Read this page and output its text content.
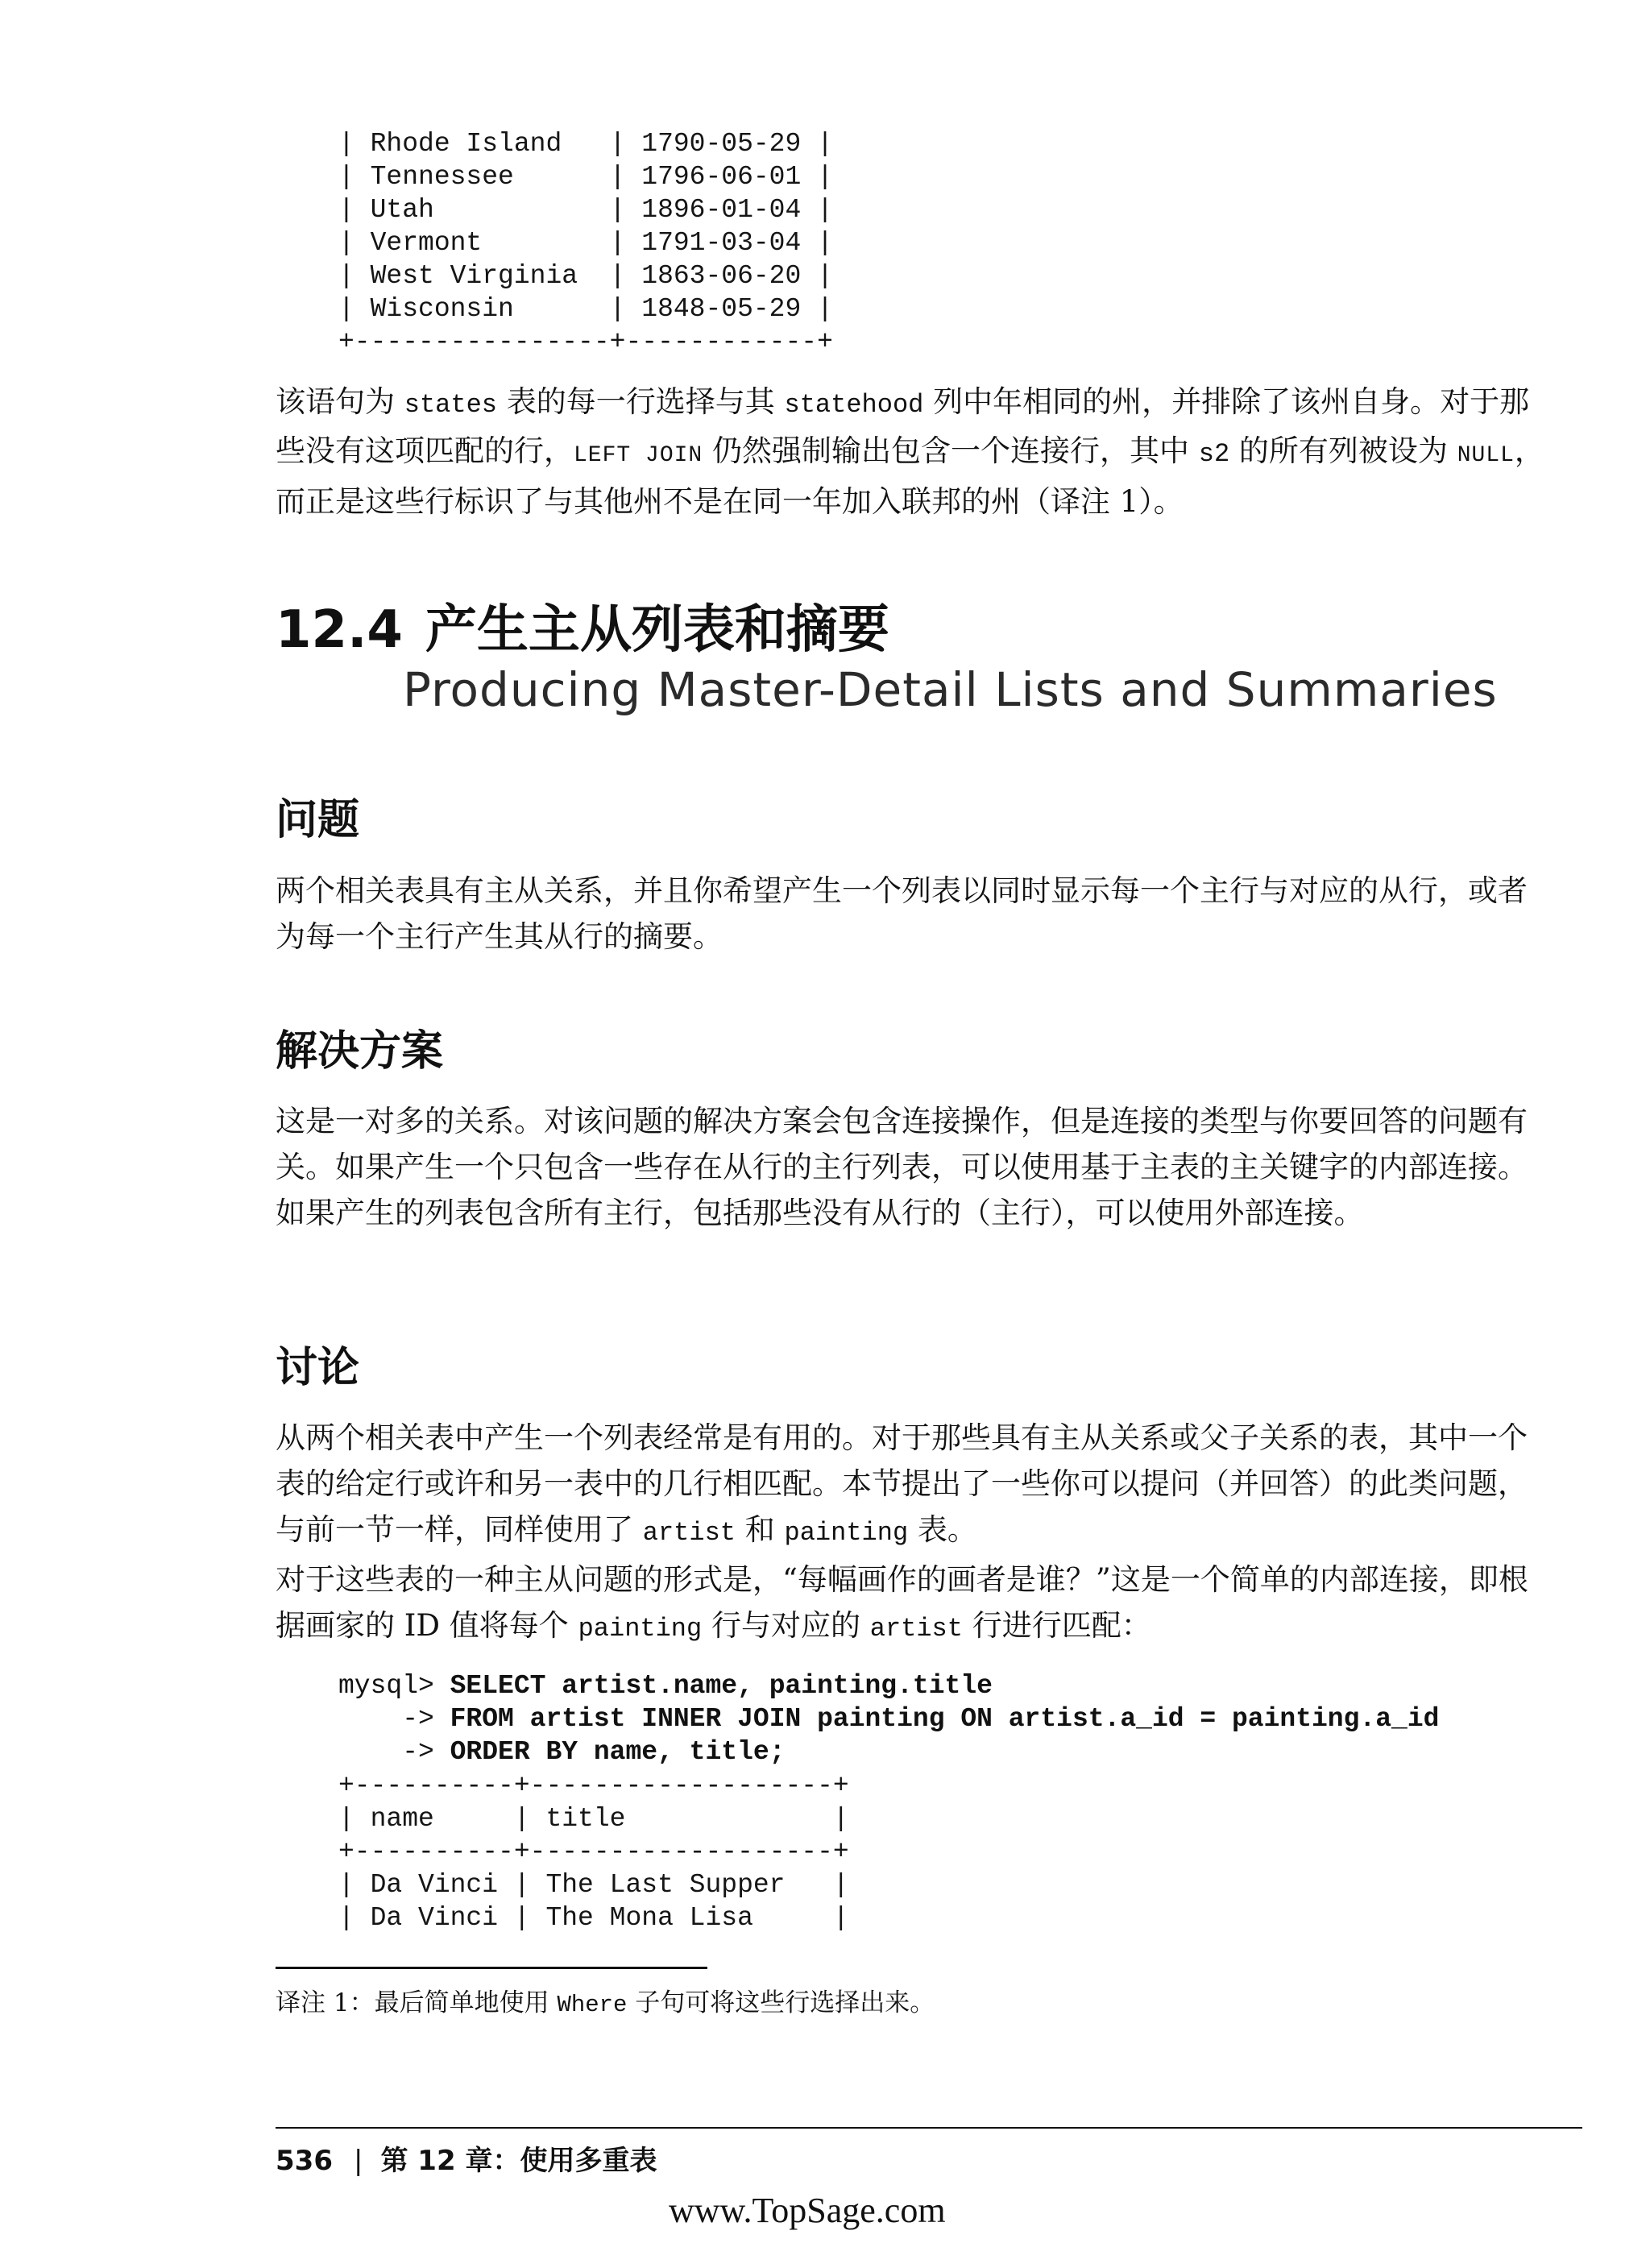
| Rhode Island   | 1790-05-29 |
| Tennessee      | 1796-06-01 |
| Utah           | 1896-01-04 |
| Vermont        | 1791-03-04 |
| West Virginia  | 1863-06-20 |
| Wisconsin      | 1848-05-29 |
+----------------+------------+
该语句为 states 表的每一行选择与其 statehood 列中年相同的州，并排除了该州自身。对于那些没有这项匹配的行，LEFT JOIN 仍然强制输出包含一个连接行，其中 s2 的所有列被设为 NULL，而正是这些行标识了与其他州不是在同一年加入联邦的州（译注 1）。
12.4 产生主从列表和摘要
Producing Master-Detail Lists and Summaries
问题
两个相关表具有主从关系，并且你希望产生一个列表以同时显示每一个主行与对应的从行，或者为每一个主行产生其从行的摘要。
解决方案
这是一对多的关系。对该问题的解决方案会包含连接操作，但是连接的类型与你要回答的问题有关。如果产生一个只包含一些存在从行的主行列表，可以使用基于主表的主关键字的内部连接。如果产生的列表包含所有主行，包括那些没有从行的（主行），可以使用外部连接。
讨论
从两个相关表中产生一个列表经常是有用的。对于那些具有主从关系或父子关系的表，其中一个表的给定行或许和另一表中的几行相匹配。本节提出了一些你可以提问（并回答）的此类问题，与前一节一样，同样使用了 artist 和 painting 表。
对于这些表的一种主从问题的形式是，“每幅画作的画者是谁？”这是一个简单的内部连接，即根据画家的 ID 值将每个 painting 行与对应的 artist 行进行匹配：
mysql> SELECT artist.name, painting.title
-> FROM artist INNER JOIN painting ON artist.a_id = painting.a_id
-> ORDER BY name, title;
+----------+-------------------+
| name     | title             |
+----------+-------------------+
| Da Vinci | The Last Supper   |
| Da Vinci | The Mona Lisa     |
译注 1：最后简单地使用 Where 子句可将这些行选择出来。
536 | 第 12 章：使用多重表
www.TopSage.com
